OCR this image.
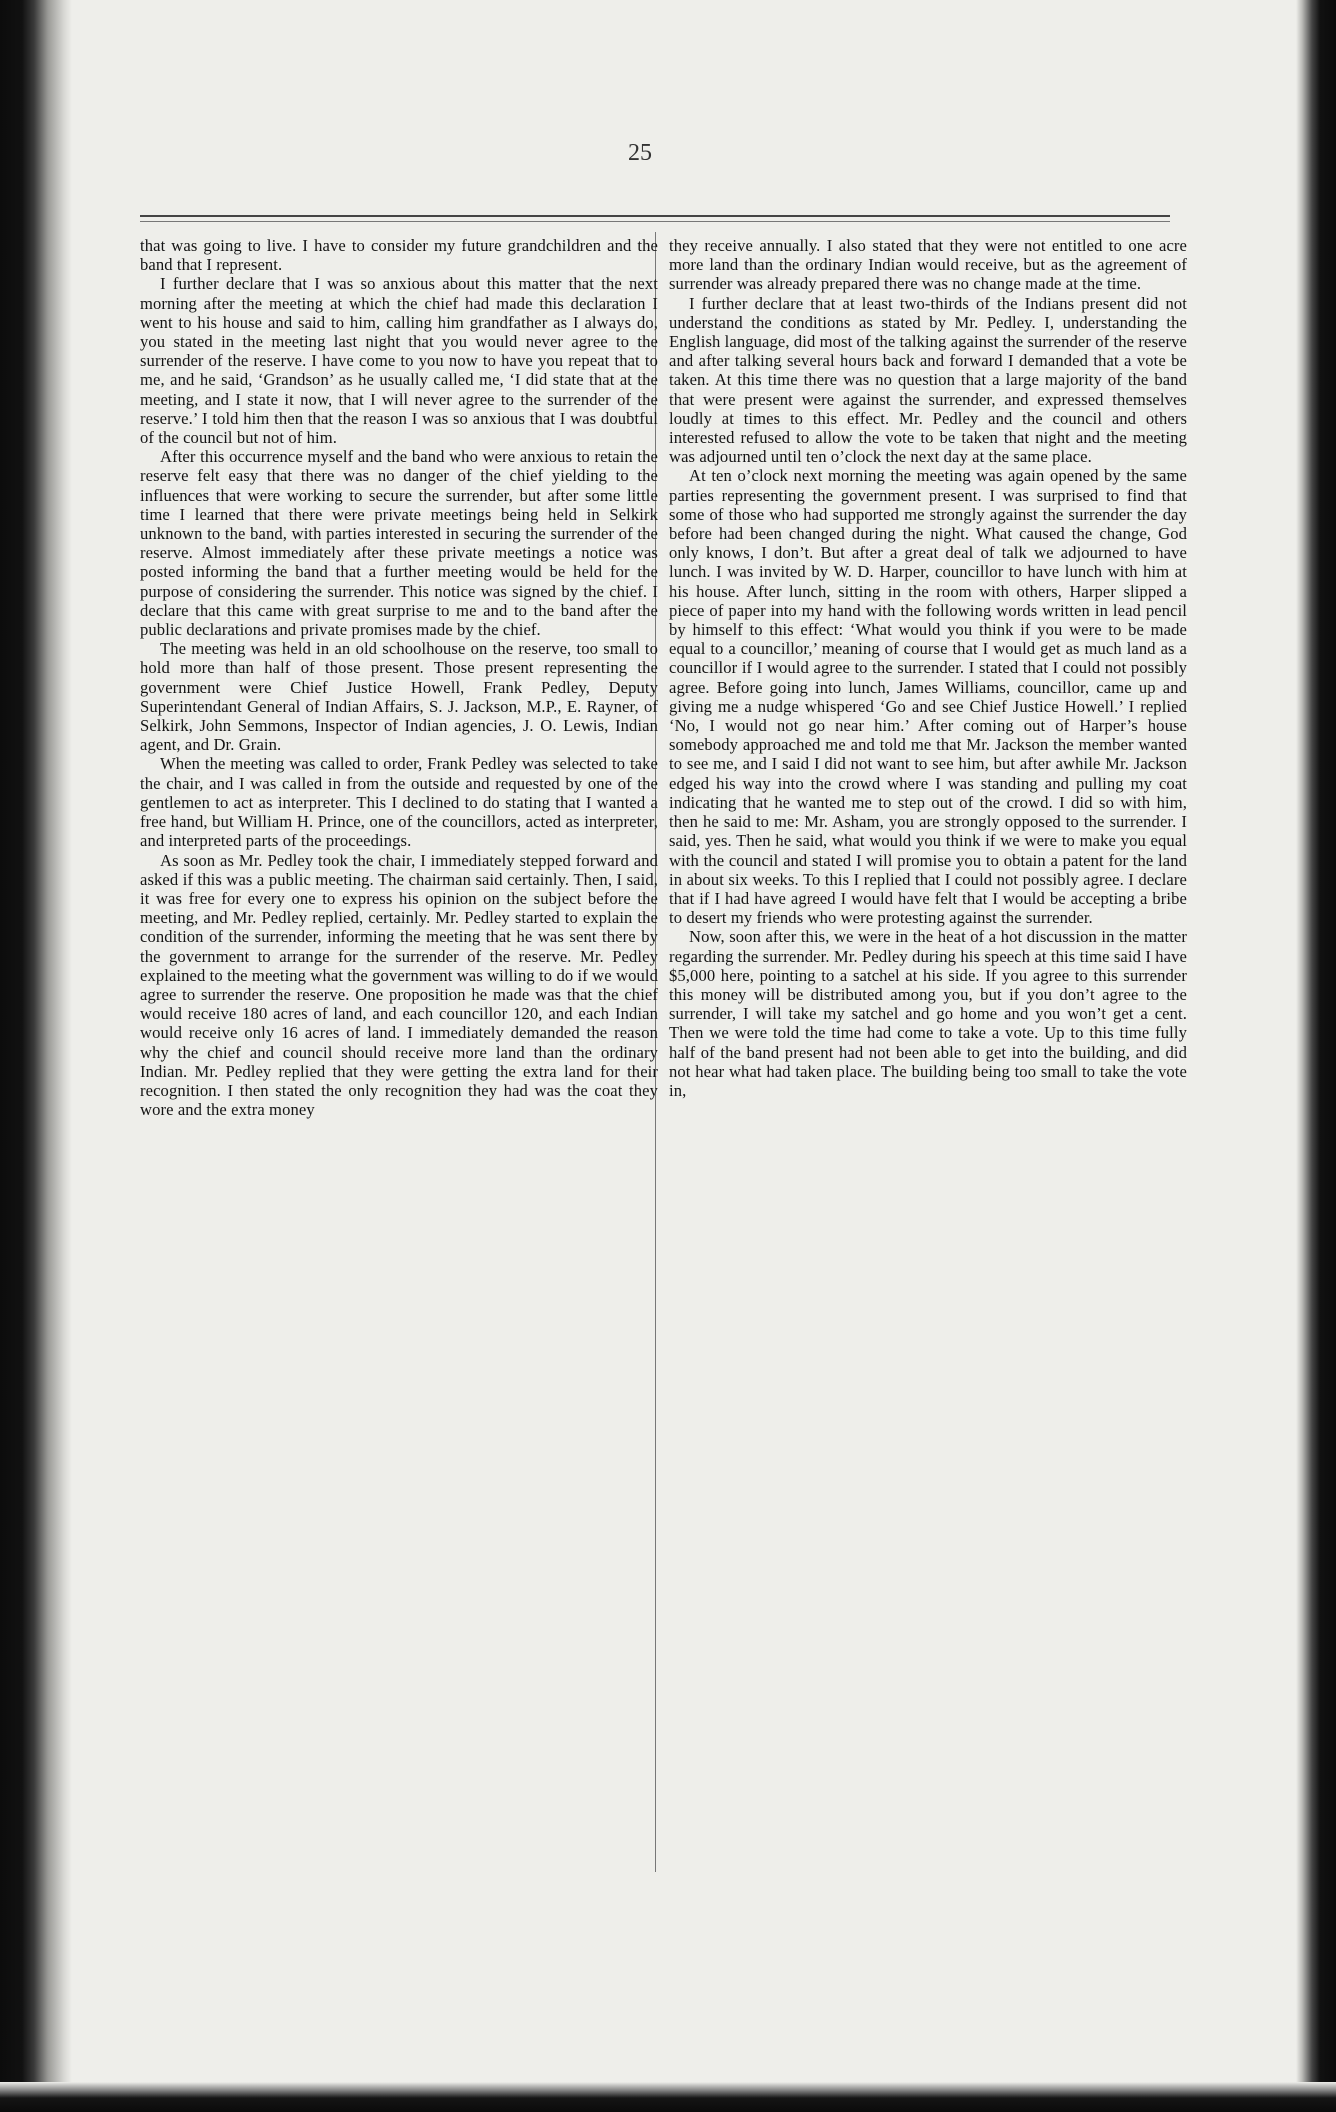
25

that was going to live. I have to consider my future grandchildren and the band that I represent.

I further declare that I was so anxious about this matter that the next morning after the meeting at which the chief had made this declaration I went to his house and said to him, calling him grandfather as I always do, you stated in the meeting last night that you would never agree to the surrender of the reserve. I have come to you now to have you repeat that to me, and he said, ‘Grandson’ as he usually called me, ‘I did state that at the meeting, and I state it now, that I will never agree to the surrender of the reserve.’ I told him then that the reason I was so anxious that I was doubtful of the council but not of him.

After this occurrence myself and the band who were anxious to retain the reserve felt easy that there was no danger of the chief yielding to the influences that were working to secure the surrender, but after some little time I learned that there were private meetings being held in Selkirk unknown to the band, with parties interested in securing the surrender of the reserve. Almost immediately after these private meetings a notice was posted informing the band that a further meeting would be held for the purpose of considering the surrender. This notice was signed by the chief. I declare that this came with great surprise to me and to the band after the public declarations and private promises made by the chief.

The meeting was held in an old schoolhouse on the reserve, too small to hold more than half of those present. Those present representing the government were Chief Justice Howell, Frank Pedley, Deputy Superintendant General of Indian Affairs, S. J. Jackson, M.P., E. Rayner, of Selkirk, John Semmons, Inspector of Indian agencies, J. O. Lewis, Indian agent, and Dr. Grain.

When the meeting was called to order, Frank Pedley was selected to take the chair, and I was called in from the outside and requested by one of the gentlemen to act as interpreter. This I declined to do stating that I wanted a free hand, but William H. Prince, one of the councillors, acted as interpreter, and interpreted parts of the proceedings.

As soon as Mr. Pedley took the chair, I immediately stepped forward and asked if this was a public meeting. The chairman said certainly. Then, I said, it was free for every one to express his opinion on the subject before the meeting, and Mr. Pedley replied, certainly. Mr. Pedley started to explain the condition of the surrender, informing the meeting that he was sent there by the government to arrange for the surrender of the reserve. Mr. Pedley explained to the meeting what the government was willing to do if we would agree to surrender the reserve. One proposition he made was that the chief would receive 180 acres of land, and each councillor 120, and each Indian would receive only 16 acres of land. I immediately demanded the reason why the chief and council should receive more land than the ordinary Indian. Mr. Pedley replied that they were getting the extra land for their recognition. I then stated the only recognition they had was the coat they wore and the extra money

they receive annually. I also stated that they were not entitled to one acre more land than the ordinary Indian would receive, but as the agreement of surrender was already prepared there was no change made at the time.

I further declare that at least two-thirds of the Indians present did not understand the conditions as stated by Mr. Pedley. I, understanding the English language, did most of the talking against the surrender of the reserve and after talking several hours back and forward I demanded that a vote be taken. At this time there was no question that a large majority of the band that were present were against the surrender, and expressed themselves loudly at times to this effect. Mr. Pedley and the council and others interested refused to allow the vote to be taken that night and the meeting was adjourned until ten o’clock the next day at the same place.

At ten o’clock next morning the meeting was again opened by the same parties representing the government present. I was surprised to find that some of those who had supported me strongly against the surrender the day before had been changed during the night. What caused the change, God only knows, I don’t. But after a great deal of talk we adjourned to have lunch. I was invited by W. D. Harper, councillor to have lunch with him at his house. After lunch, sitting in the room with others, Harper slipped a piece of paper into my hand with the following words written in lead pencil by himself to this effect: ‘What would you think if you were to be made equal to a councillor,’ meaning of course that I would get as much land as a councillor if I would agree to the surrender. I stated that I could not possibly agree. Before going into lunch, James Williams, councillor, came up and giving me a nudge whispered ‘Go and see Chief Justice Howell.’ I replied ‘No, I would not go near him.’ After coming out of Harper’s house somebody approached me and told me that Mr. Jackson the member wanted to see me, and I said I did not want to see him, but after awhile Mr. Jackson edged his way into the crowd where I was standing and pulling my coat indicating that he wanted me to step out of the crowd. I did so with him, then he said to me: Mr. Asham, you are strongly opposed to the surrender. I said, yes. Then he said, what would you think if we were to make you equal with the council and stated I will promise you to obtain a patent for the land in about six weeks. To this I replied that I could not possibly agree. I declare that if I had have agreed I would have felt that I would be accepting a bribe to desert my friends who were protesting against the surrender.

Now, soon after this, we were in the heat of a hot discussion in the matter regarding the surrender. Mr. Pedley during his speech at this time said I have $5,000 here, pointing to a satchel at his side. If you agree to this surrender this money will be distributed among you, but if you don’t agree to the surrender, I will take my satchel and go home and you won’t get a cent. Then we were told the time had come to take a vote. Up to this time fully half of the band present had not been able to get into the building, and did not hear what had taken place. The building being too small to take the vote in,
